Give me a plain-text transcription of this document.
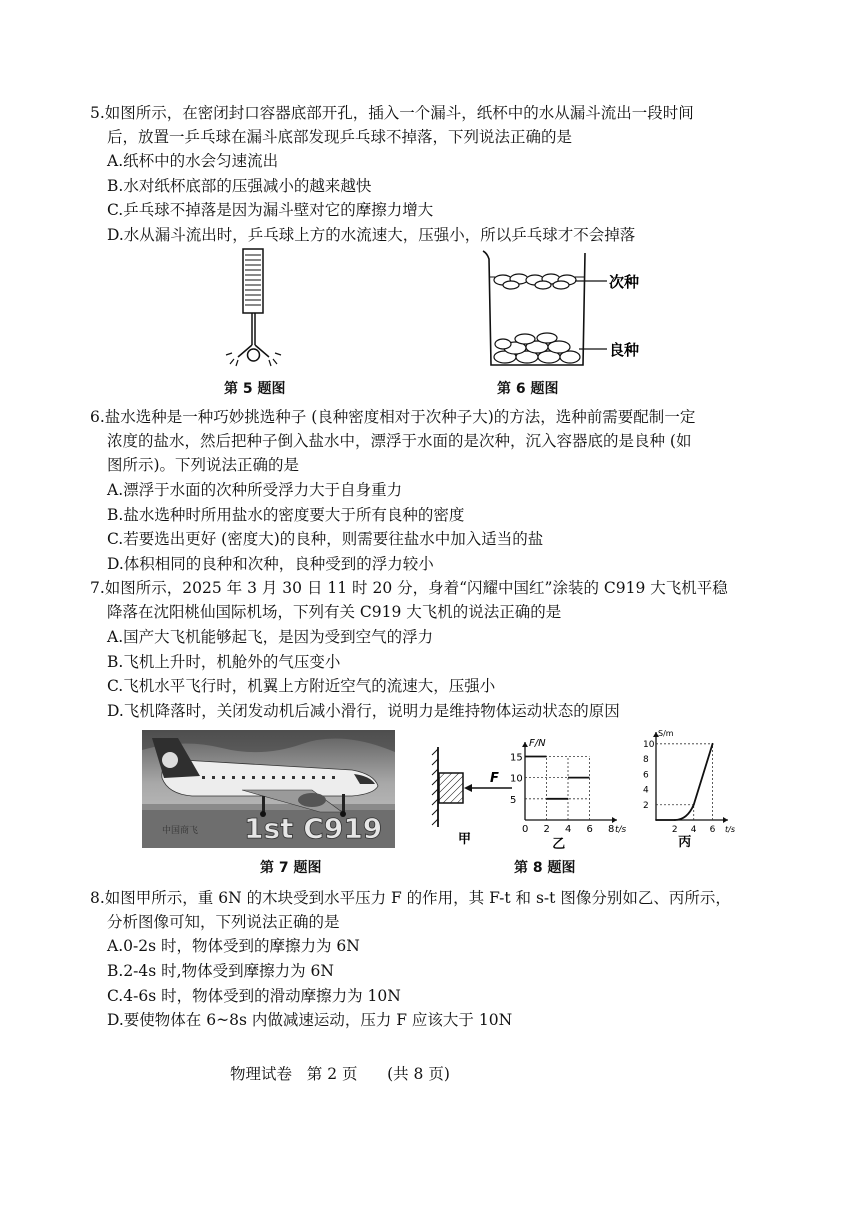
5.如图所示，在密闭封口容器底部开孔，插入一个漏斗，纸杯中的水从漏斗流出一段时间
后，放置一乒乓球在漏斗底部发现乒乓球不掉落，下列说法正确的是
A.纸杯中的水会匀速流出
B.水对纸杯底部的压强减小的越来越快
C.乒乓球不掉落是因为漏斗壁对它的摩擦力增大
D.水从漏斗流出时，乒乓球上方的水流速大，压强小，所以乒乓球才不会掉落
第 5 题图
次种
良种
第 6 题图
6.盐水选种是一种巧妙挑选种子 (良种密度相对于次种子大)的方法，选种前需要配制一定
浓度的盐水，然后把种子倒入盐水中，漂浮于水面的是次种，沉入容器底的是良种 (如
图所示)。下列说法正确的是
A.漂浮于水面的次种所受浮力大于自身重力
B.盐水选种时所用盐水的密度要大于所有良种的密度
C.若要选出更好 (密度大)的良种，则需要往盐水中加入适当的盐
D.体积相同的良种和次种，良种受到的浮力较小
7.如图所示，2025 年 3 月 30 日 11 时 20 分，身着“闪耀中国红”涂装的 C919 大飞机平稳
降落在沈阳桃仙国际机场，下列有关 C919 大飞机的说法正确的是
A.国产大飞机能够起飞，是因为受到空气的浮力
B.飞机上升时，机舱外的气压变小
C.飞机水平飞行时，机翼上方附近空气的流速大，压强小
D.飞机降落时，关闭发动机后减小滑行，说明力是维持物体运动状态的原因
中国商飞 1st C919
第 7 题图
F
甲
F/N
t/s
0 2 4 6 8
5
10
15
乙
S/m
t/s
2 4 6
2
4
6
8
10
丙
第 8 题图
8.如图甲所示，重 6N 的木块受到水平压力 F 的作用，其 F-t 和 s-t 图像分别如乙、丙所示，
分析图像可知，下列说法正确的是
A.0-2s 时，物体受到的摩擦力为 6N
B.2-4s 时,物体受到摩擦力为 6N
C.4-6s 时，物体受到的滑动摩擦力为 10N
D.要使物体在 6~8s 内做减速运动，压力 F 应该大于 10N
物理试卷 第 2 页 (共 8 页)
